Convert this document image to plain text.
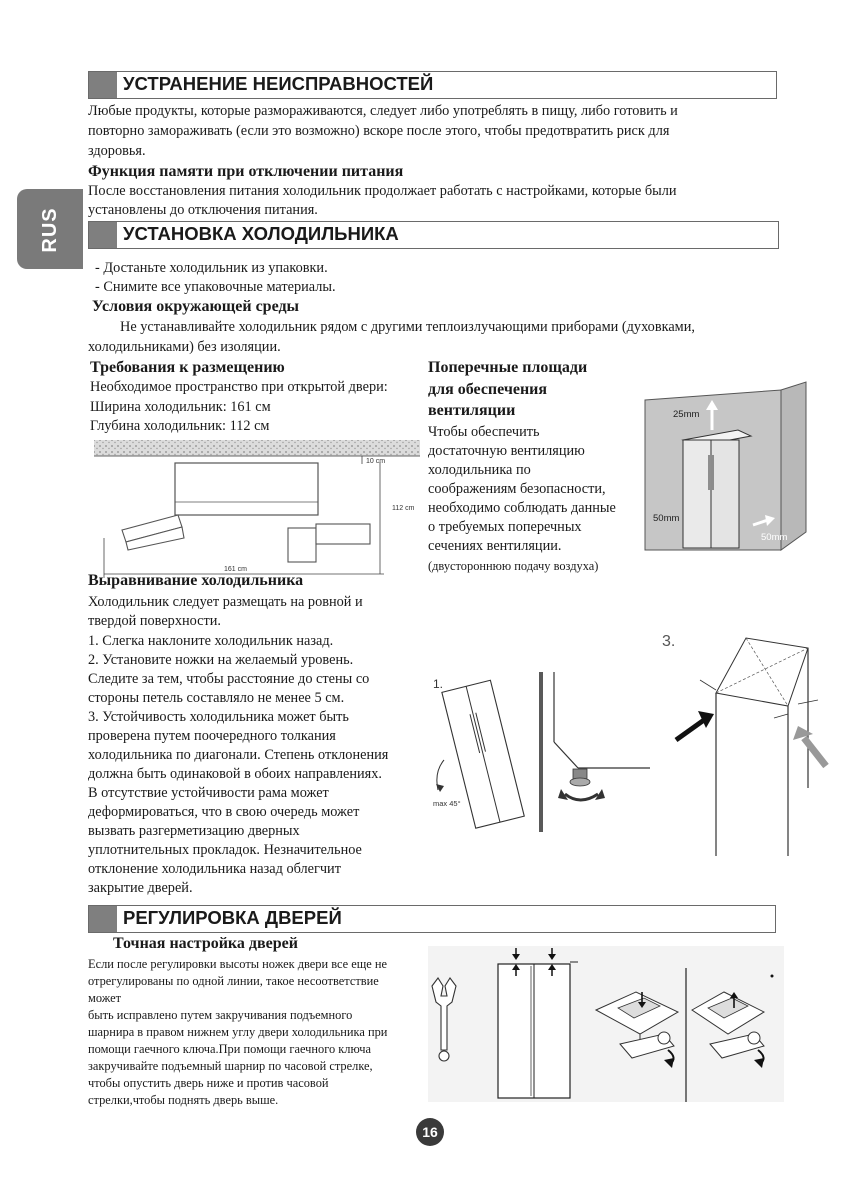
RUS
УСТРАНЕНИЕ НЕИСПРАВНОСТЕЙ
Любые продукты, которые размораживаются, следует либо употреблять в пищу, либо готовить и
повторно замораживать (если это возможно) вскоре после этого, чтобы предотвратить риск для
здоровья.
Функция памяти при отключении питания
После восстановления питания холодильник продолжает работать с настройками, которые были
установлены до отключения питания.
УСТАНОВКА ХОЛОДИЛЬНИКА
- Достаньте холодильник из упаковки.
- Снимите все упаковочные материалы.
Условия окружающей среды
Не устанавливайте холодильник рядом с другими теплоизлучающими приборами (духовками,
холодильниками) без изоляции.
Требования к размещению
Необходимое пространство при открытой двери:
Ширина холодильник: 161 см
Глубина холодильник: 112 см
Поперечные площади
для обеспечения
вентиляции
Чтобы обеспечить
достаточную вентиляцию
холодильника по
соображениям безопасности,
необходимо соблюдать данные
о требуемых поперечных
сечениях вентиляции.
(двустороннюю подачу воздуха)
10 cm
112 cm
161 cm
25mm
50mm
50mm
Выравнивание холодильника
Холодильник следует размещать на ровной и
твердой поверхности.
1. Слегка наклоните холодильник назад.
2. Установите ножки на желаемый уровень.
Следите за тем, чтобы расстояние до стены со
стороны петель составляло не менее 5 см.
3. Устойчивость холодильника может быть
проверена путем поочередного толкания
холодильника по диагонали. Степень отклонения
должна быть одинаковой в обоих направлениях.
В отсутствие устойчивости рама может
деформироваться, что в свою очередь может
вызвать разгерметизацию дверных
уплотнительных прокладок. Незначительное
отклонение холодильника назад облегчит
закрытие дверей.
1.
max 45°
3.
РЕГУЛИРОВКА ДВЕРЕЙ
Точная настройка дверей
Если после регулировки высоты ножек двери все еще не
отрегулированы по одной линии, такое несоответствие
может
быть исправлено путем закручивания подъемного
шарнира в правом нижнем углу двери холодильника при
помощи гаечного ключа.При помощи гаечного ключа
закручивайте подъемный шарнир по часовой стрелке,
чтобы опустить дверь ниже и против часовой
стрелки,чтобы поднять дверь выше.
16
